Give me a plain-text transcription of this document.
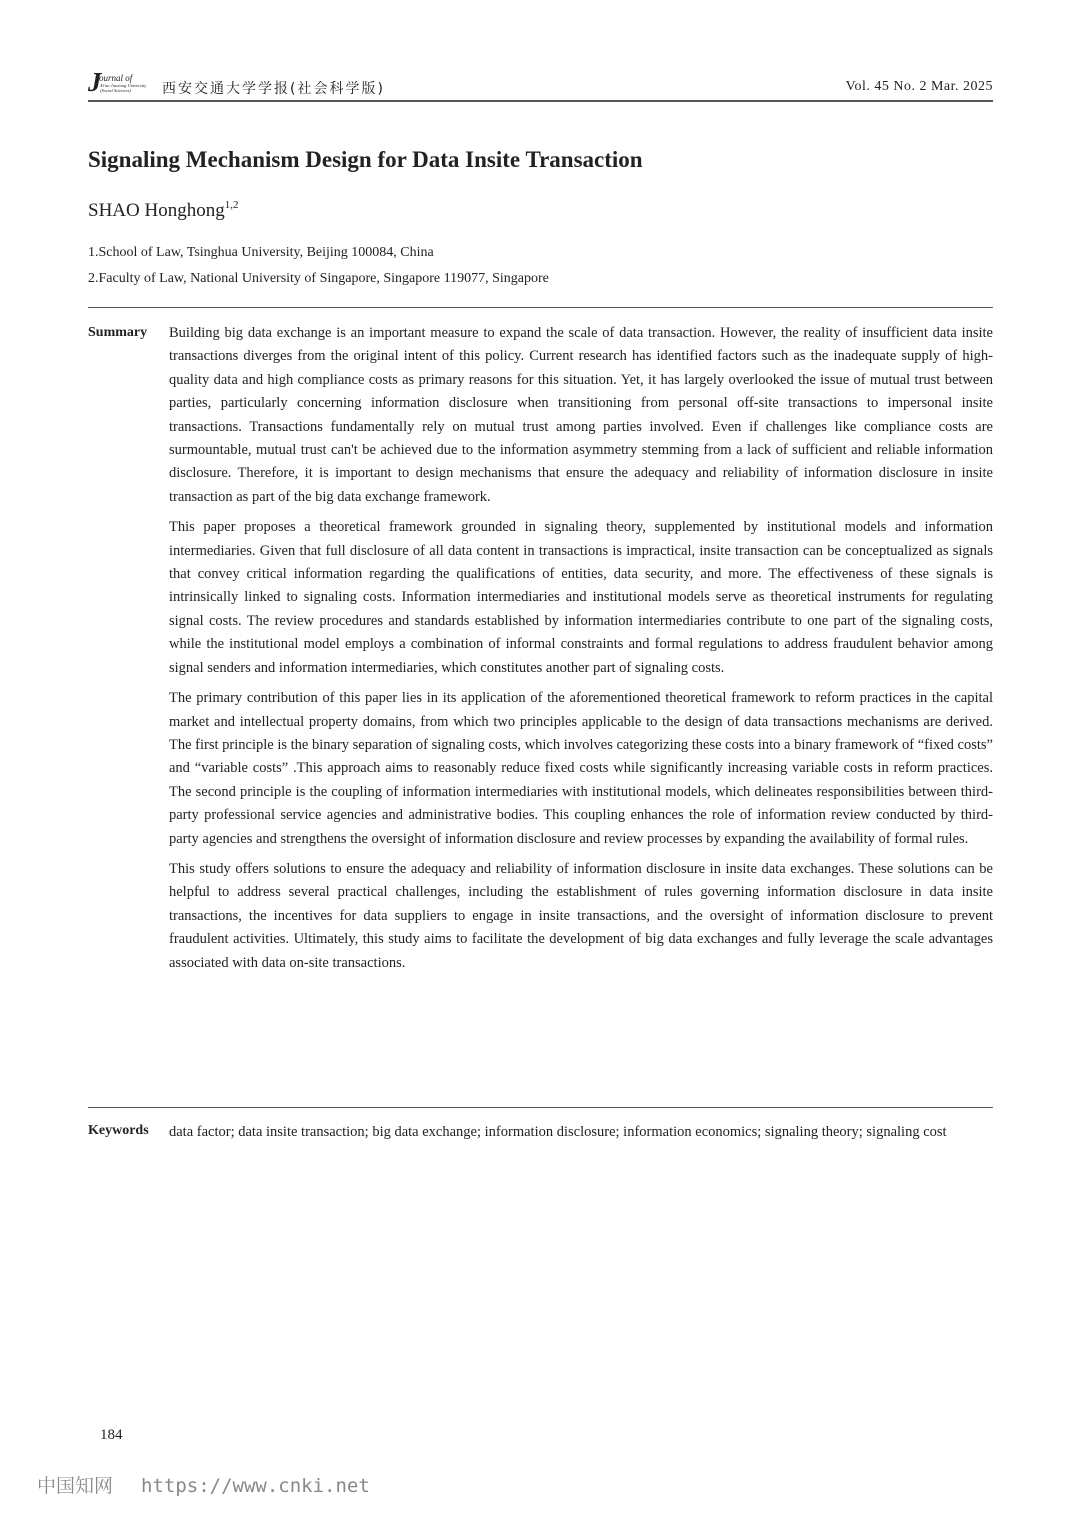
J
ournal of
Xi'an Jiaotong University
(Social Sciences)	西安交通大学学报(社会科学版)	Vol. 45 No. 2 Mar. 2025
Signaling Mechanism Design for Data Insite Transaction
SHAO Honghong$^{1,2}$
1.School of Law, Tsinghua University, Beijing 100084, China
2.Faculty of Law, National University of Singapore, Singapore 119077, Singapore
Summary Building big data exchange is an important measure to expand the scale of data transaction. However, the reality of insufficient data insite transactions diverges from the original intent of this policy. Current research has identified factors such as the inadequate supply of high-quality data and high compliance costs as primary reasons for this situation. Yet, it has largely overlooked the issue of mutual trust between parties, particularly concerning information disclosure when transitioning from personal off-site transactions to impersonal insite transactions. Transactions fundamentally rely on mutual trust among parties involved. Even if challenges like compliance costs are surmountable, mutual trust can't be achieved due to the information asymmetry stemming from a lack of sufficient and reliable information disclosure. Therefore, it is important to design mechanisms that ensure the adequacy and reliability of information disclosure in insite transaction as part of the big data exchange framework.

This paper proposes a theoretical framework grounded in signaling theory, supplemented by institutional models and information intermediaries. Given that full disclosure of all data content in transactions is impractical, insite transaction can be conceptualized as signals that convey critical information regarding the qualifications of entities, data security, and more. The effectiveness of these signals is intrinsically linked to signaling costs. Information intermediaries and institutional models serve as theoretical instruments for regulating signal costs. The review procedures and standards established by information intermediaries contribute to one part of the signaling costs, while the institutional model employs a combination of informal constraints and formal regulations to address fraudulent behavior among signal senders and information intermediaries, which constitutes another part of signaling costs.

The primary contribution of this paper lies in its application of the aforementioned theoretical framework to reform practices in the capital market and intellectual property domains, from which two principles applicable to the design of data transactions mechanisms are derived. The first principle is the binary separation of signaling costs, which involves categorizing these costs into a binary framework of “fixed costs” and “variable costs” .This approach aims to reasonably reduce fixed costs while significantly increasing variable costs in reform practices. The second principle is the coupling of information intermediaries with institutional models, which delineates responsibilities between third-party professional service agencies and administrative bodies. This coupling enhances the role of information review conducted by third-party agencies and strengthens the oversight of information disclosure and review processes by expanding the availability of formal rules.

This study offers solutions to ensure the adequacy and reliability of information disclosure in insite data exchanges. These solutions can be helpful to address several practical challenges, including the establishment of rules governing information disclosure in data insite transactions, the incentives for data suppliers to engage in insite transactions, and the oversight of information disclosure to prevent fraudulent activities. Ultimately, this study aims to facilitate the development of big data exchanges and fully leverage the scale advantages associated with data on-site transactions.

Keywords data factor; data insite transaction; big data exchange; information disclosure; information economics; signaling theory; signaling cost
184
中国知网 https://www.cnki.net
